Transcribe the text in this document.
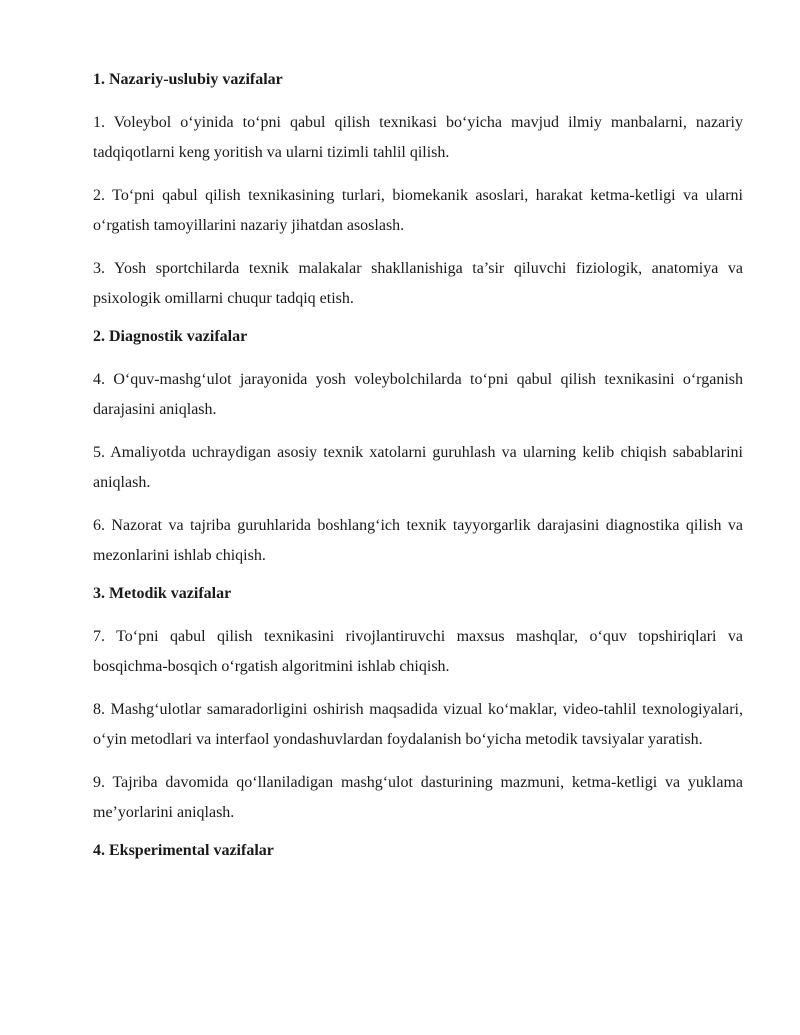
1. Nazariy-uslubiy vazifalar
1. Voleybol o‘yinida to‘pni qabul qilish texnikasi bo‘yicha mavjud ilmiy manbalarni, nazariy tadqiqotlarni keng yoritish va ularni tizimli tahlil qilish.
2. To‘pni qabul qilish texnikasining turlari, biomekanik asoslari, harakat ketma-ketligi va ularni o‘rgatish tamoyillarini nazariy jihatdan asoslash.
3. Yosh sportchilarda texnik malakalar shakllanishiga ta’sir qiluvchi fiziologik, anatomiya va psixologik omillarni chuqur tadqiq etish.
2. Diagnostik vazifalar
4. O‘quv-mashg‘ulot jarayonida yosh voleybolchilarda to‘pni qabul qilish texnikasini o‘rganish darajasini aniqlash.
5. Amaliyotda uchraydigan asosiy texnik xatolarni guruhlash va ularning kelib chiqish sabablarini aniqlash.
6. Nazorat va tajriba guruhlarida boshlang‘ich texnik tayyorgarlik darajasini diagnostika qilish va mezonlarini ishlab chiqish.
3. Metodik vazifalar
7. To‘pni qabul qilish texnikasini rivojlantiruvchi maxsus mashqlar, o‘quv topshiriqlari va bosqichma-bosqich o‘rgatish algoritmini ishlab chiqish.
8. Mashg‘ulotlar samaradorligini oshirish maqsadida vizual ko‘maklar, video-tahlil texnologiyalari, o‘yin metodlari va interfaol yondashuvlardan foydalanish bo‘yicha metodik tavsiyalar yaratish.
9. Tajriba davomida qo‘llaniladigan mashg‘ulot dasturining mazmuni, ketma-ketligi va yuklama me’yorlarini aniqlash.
4. Eksperimental vazifalar
